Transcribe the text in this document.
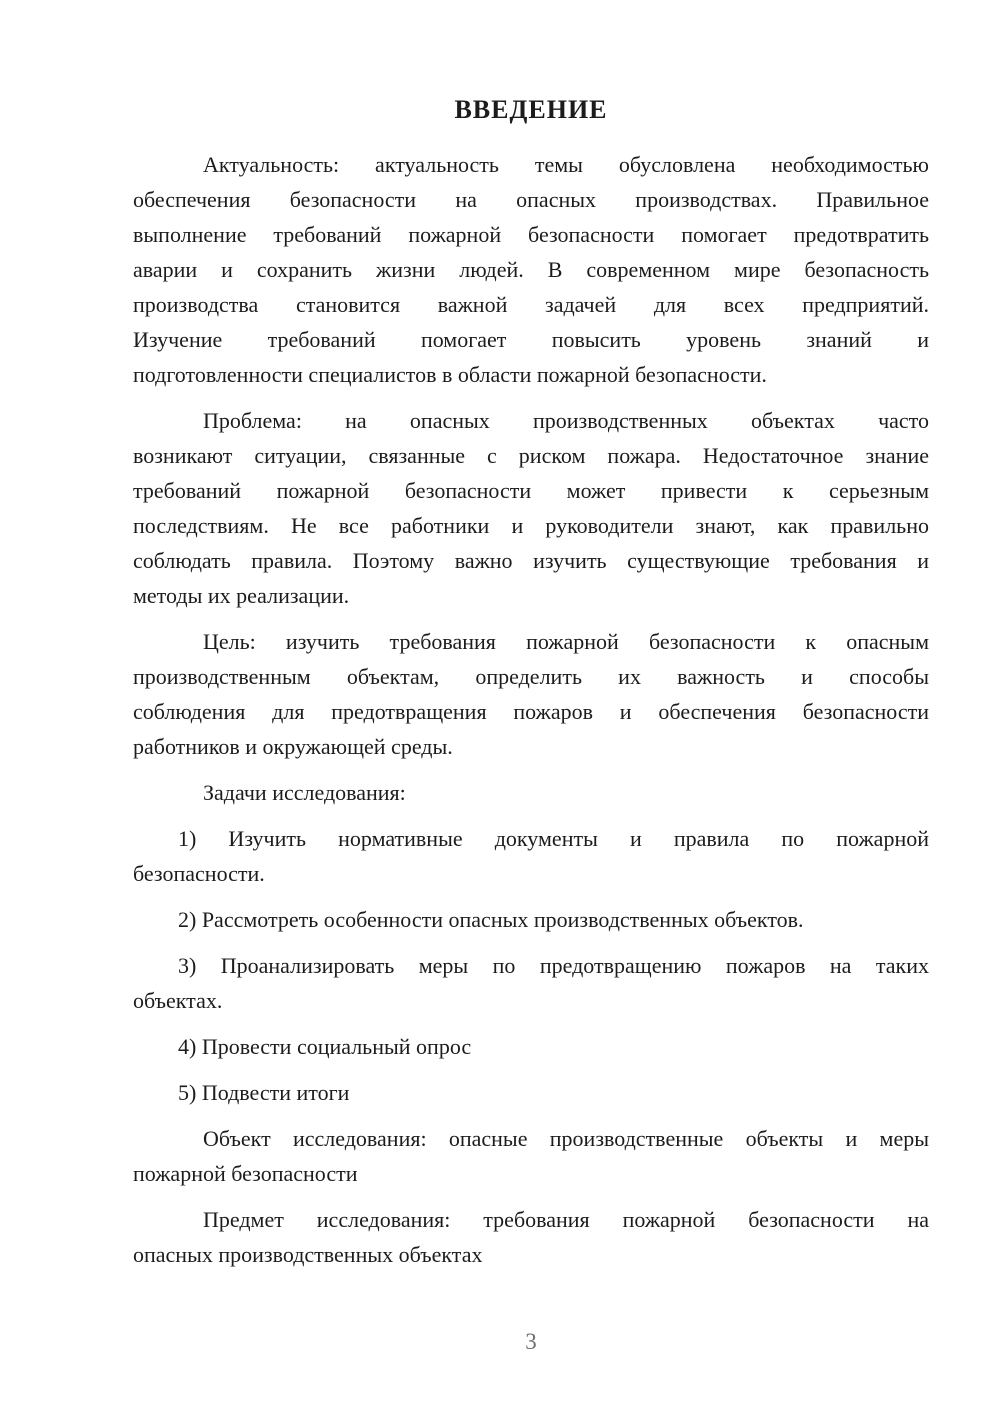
ВВЕДЕНИЕ
Актуальность: актуальность темы обусловлена необходимостью
обеспечения безопасности на опасных производствах. Правильное
выполнение требований пожарной безопасности помогает предотвратить
аварии и сохранить жизни людей. В современном мире безопасность
производства становится важной задачей для всех предприятий.
Изучение требований помогает повысить уровень знаний и
подготовленности специалистов в области пожарной безопасности.
Проблема: на опасных производственных объектах часто
возникают ситуации, связанные с риском пожара. Недостаточное знание
требований пожарной безопасности может привести к серьезным
последствиям. Не все работники и руководители знают, как правильно
соблюдать правила. Поэтому важно изучить существующие требования и
методы их реализации.
Цель: изучить требования пожарной безопасности к опасным
производственным объектам, определить их важность и способы
соблюдения для предотвращения пожаров и обеспечения безопасности
работников и окружающей среды.
Задачи исследования:
1) Изучить нормативные документы и правила по пожарной
безопасности.
2) Рассмотреть особенности опасных производственных объектов.
3) Проанализировать меры по предотвращению пожаров на таких
объектах.
4) Провести социальный опрос
5) Подвести итоги
Объект исследования: опасные производственные объекты и меры
пожарной безопасности
Предмет исследования: требования пожарной безопасности на
опасных производственных объектах
3
